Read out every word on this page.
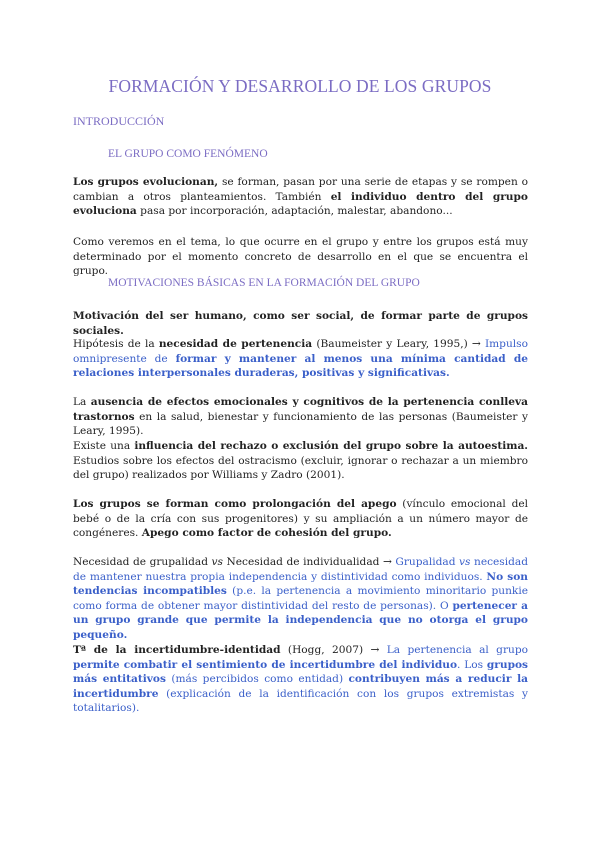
FORMACIÓN Y DESARROLLO DE LOS GRUPOS
INTRODUCCIÓN
EL GRUPO COMO FENÓMENO

Los grupos evolucionan, se forman, pasan por una serie de etapas y se rompen o cambian a otros planteamientos. También el individuo dentro del grupo evoluciona pasa por incorporación, adaptación, malestar, abandono...

Como veremos en el tema, lo que ocurre en el grupo y entre los grupos está muy determinado por el momento concreto de desarrollo en el que se encuentra el grupo.

MOTIVACIONES BÁSICAS EN LA FORMACIÓN DEL GRUPO

Motivación del ser humano, como ser social, de formar parte de grupos sociales.

Hipótesis de la necesidad de pertenencia (Baumeister y Leary, 1995,) → Impulso omnipresente de formar y mantener al menos una mínima cantidad de relaciones interpersonales duraderas, positivas y significativas.

La ausencia de efectos emocionales y cognitivos de la pertenencia conlleva trastornos en la salud, bienestar y funcionamiento de las personas (Baumeister y Leary, 1995).

Existe una influencia del rechazo o exclusión del grupo sobre la autoestima. Estudios sobre los efectos del ostracismo (excluir, ignorar o rechazar a un miembro del grupo) realizados por Williams y Zadro (2001).

Los grupos se forman como prolongación del apego (vínculo emocional del bebé o de la cría con sus progenitores) y su ampliación a un número mayor de congéneres. Apego como factor de cohesión del grupo.

Necesidad de grupalidad vs Necesidad de individualidad → Grupalidad vs necesidad de mantener nuestra propia independencia y distintividad como individuos. No son tendencias incompatibles (p.e. la pertenencia a movimiento minoritario punkie como forma de obtener mayor distintividad del resto de personas). O pertenecer a un grupo grande que permite la independencia que no otorga el grupo pequeño.

Tª de la incertidumbre-identidad (Hogg, 2007) → La pertenencia al grupo permite combatir el sentimiento de incertidumbre del individuo. Los grupos más entitativos (más percibidos como entidad) contribuyen más a reducir la incertidumbre (explicación de la identificación con los grupos extremistas y totalitarios).
